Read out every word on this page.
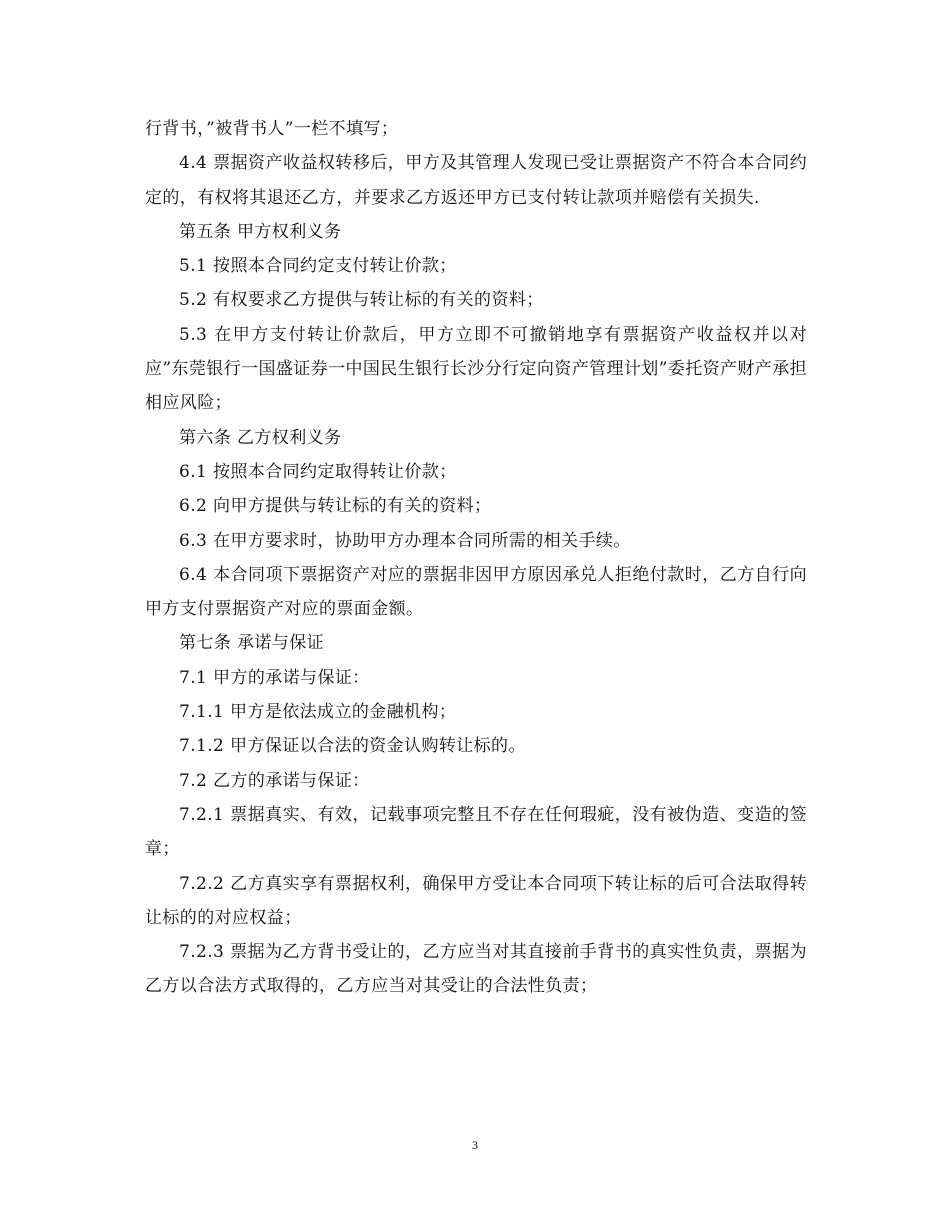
行背书，”被背书人”一栏不填写；

4.4 票据资产收益权转移后，甲方及其管理人发现已受让票据资产不符合本合同约定的，有权将其退还乙方，并要求乙方返还甲方已支付转让款项并赔偿有关损失.

第五条 甲方权利义务

5.1 按照本合同约定支付转让价款；

5.2 有权要求乙方提供与转让标的有关的资料；

5.3 在甲方支付转让价款后，甲方立即不可撤销地享有票据资产收益权并以对应”东莞银行一国盛证券一中国民生银行长沙分行定向资产管理计划”委托资产财产承担相应风险；

第六条 乙方权利义务

6.1 按照本合同约定取得转让价款；

6.2 向甲方提供与转让标的有关的资料；

6.3 在甲方要求时，协助甲方办理本合同所需的相关手续。

6.4 本合同项下票据资产对应的票据非因甲方原因承兑人拒绝付款时，乙方自行向甲方支付票据资产对应的票面金额。

第七条 承诺与保证

7.1 甲方的承诺与保证：

7.1.1 甲方是依法成立的金融机构；

7.1.2 甲方保证以合法的资金认购转让标的。

7.2 乙方的承诺与保证：

7.2.1 票据真实、有效，记载事项完整且不存在任何瑕疵，没有被伪造、变造的签章；

7.2.2 乙方真实享有票据权利，确保甲方受让本合同项下转让标的后可合法取得转让标的的对应权益；

7.2.3 票据为乙方背书受让的，乙方应当对其直接前手背书的真实性负责，票据为乙方以合法方式取得的，乙方应当对其受让的合法性负责；

3
